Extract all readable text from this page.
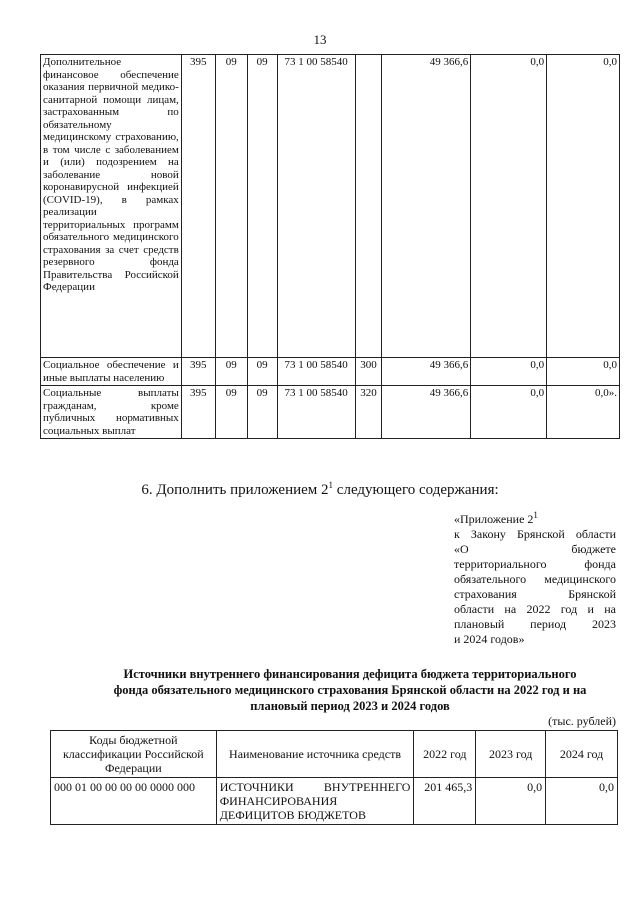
13
Дополнительное финансовое обеспечение оказания первичной медико-санитарной помощи лицам, застрахованным по обязательному медицинскому страхованию, в том числе с заболеванием и (или) подозрением на заболевание новой коронавирусной инфекцией (COVID-19), в рамках реализации территориальных программ обязательного медицинского страхования за счет средств резервного фонда Правительства Российской Федерации	395	09	09	73 1 00 58540		49 366,6	0,0	0,0
Социальное обеспечение и иные выплаты населению	395	09	09	73 1 00 58540	300	49 366,6	0,0	0,0
Социальные выплаты гражданам, кроме публичных нормативных социальных выплат	395	09	09	73 1 00 58540	320	49 366,6	0,0	0,0».
6. Дополнить приложением $2^1$ следующего содержания:
«Приложение $2^1$
к Закону Брянской области
«О бюджете
территориального фонда
обязательного медицинского
страхования Брянской
области на 2022 год и на
плановый период 2023
и 2024 годов»
Источники внутреннего финансирования дефицита бюджета территориального
фонда обязательного медицинского страхования Брянской области на 2022 год и на
плановый период 2023 и 2024 годов
(тыс. рублей)
Коды бюджетной классификации Российской Федерации	Наименование источника средств	2022 год	2023 год	2024 год
000 01 00 00 00 00 0000 000	ИСТОЧНИКИ ВНУТРЕННЕГО ФИНАНСИРОВАНИЯ ДЕФИЦИТОВ БЮДЖЕТОВ	201 465,3	0,0	0,0
